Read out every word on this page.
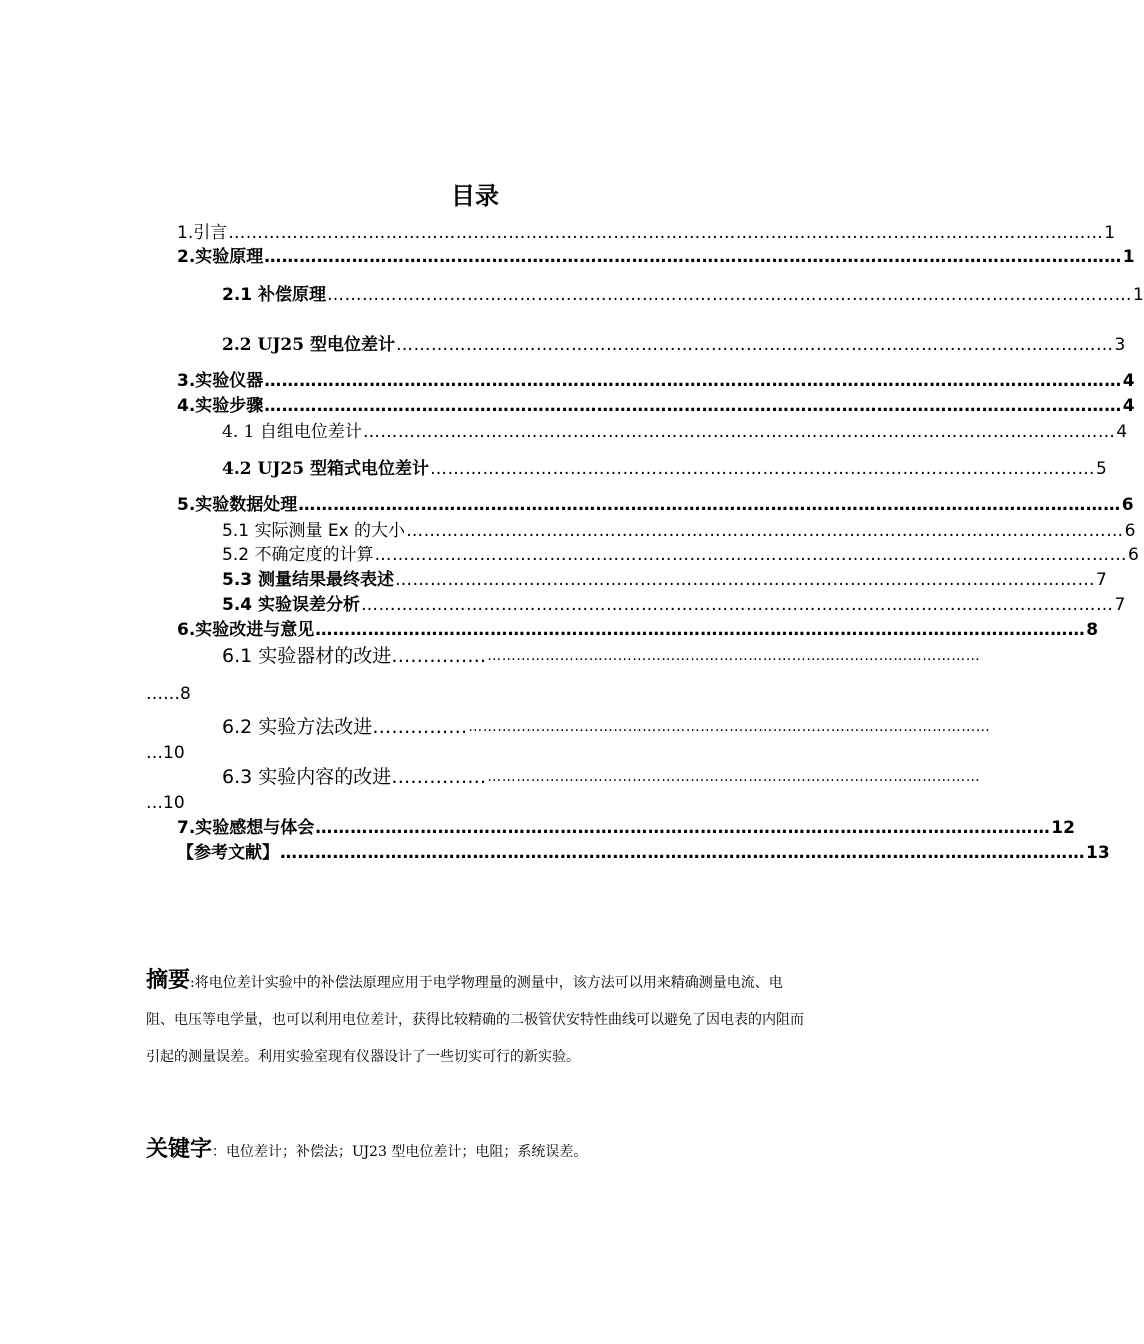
目录
1.引言 …………………………………………………………………………………………………………………………………… 1
2.实验原理 ………………………………………………………………………………………………………………………………… 1
2.1 补偿原理 ………………………………………………………………………………………………………………………… 1
2.2 UJ25 型电位差计 …………………………………………………………………………………………………………… 3
3.实验仪器 ………………………………………………………………………………………………………………………………… 4
4.实验步骤 ………………………………………………………………………………………………………………………………… 4
4. 1 自组电位差计 ………………………………………………………………………………………………………………… 4
4.2 UJ25 型箱式电位差计 …………………………………………………………………………………………………… 5
5.实验数据处理 …………………………………………………………………………………………………………………………… 6
5.1 实际测量 Ex 的大小 …………………………………………………………………………………………………………… 6
5.2 不确定度的计算 ………………………………………………………………………………………………………………… 6
5.3 测量结果最终表述 ………………………………………………………………………………………………………… 7
5.4 实验误差分析 ………………………………………………………………………………………………………………… 7
6.实验改进与意见 …………………………………………………………………………………………………………………… 8
6.1 实验器材的改进…………… …………………………………………………………………………………………
……8
6.2 实验方法改进…………… ………………………………………………………………………………………………
…10
6.3 实验内容的改进…………… …………………………………………………………………………………………
…10
7.实验感想与体会 ……………………………………………………………………………………………………………… 12
【参考文献】 ………………………………………………………………………………………………………………………… 13
摘要:将电位差计实验中的补偿法原理应用于电学物理量的测量中，该方法可以用来精确测量电流、电阻、电压等电学量，也可以利用电位差计，获得比较精确的二极管伏安特性曲线可以避免了因电表的内阻而引起的测量误差。利用实验室现有仪器设计了一些切实可行的新实验。
关键字：电位差计；补偿法；UJ23 型电位差计；电阻；系统误差。
